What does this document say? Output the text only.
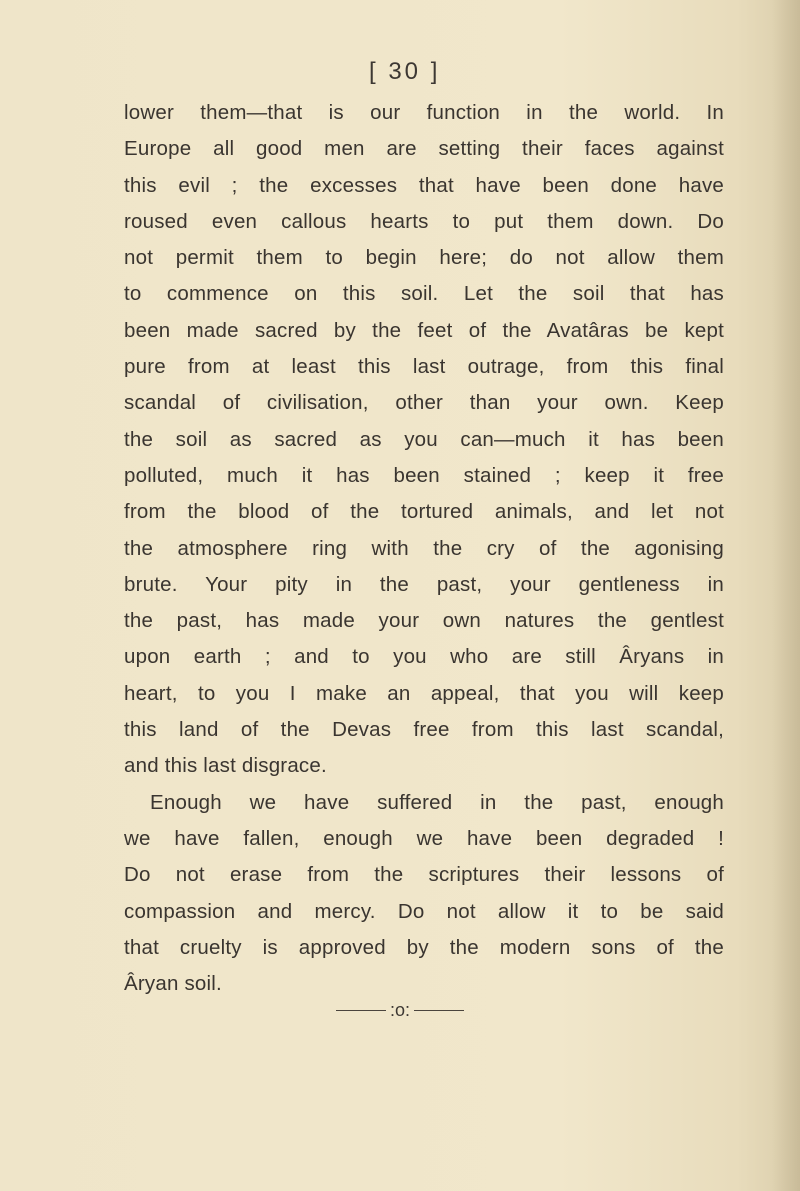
[ 30 ]
lower them—that is our function in the world. In
Europe all good men are setting their faces against
this evil ; the excesses that have been done have
roused even callous hearts to put them down. Do
not permit them to begin here; do not allow them
to commence on this soil. Let the soil that has
been made sacred by the feet of the Avatâras be kept
pure from at least this last outrage, from this final
scandal of civilisation, other than your own. Keep
the soil as sacred as you can—much it has been
polluted, much it has been stained ; keep it free
from the blood of the tortured animals, and let not
the atmosphere ring with the cry of the agonising
brute. Your pity in the past, your gentleness in
the past, has made your own natures the gentlest
upon earth ; and to you who are still Âryans in
heart, to you I make an appeal, that you will keep
this land of the Devas free from this last scandal,
and this last disgrace.
Enough we have suffered in the past, enough
we have fallen, enough we have been degraded !
Do not erase from the scriptures their lessons of
compassion and mercy. Do not allow it to be said
that cruelty is approved by the modern sons of the
Âryan soil.
:o:
